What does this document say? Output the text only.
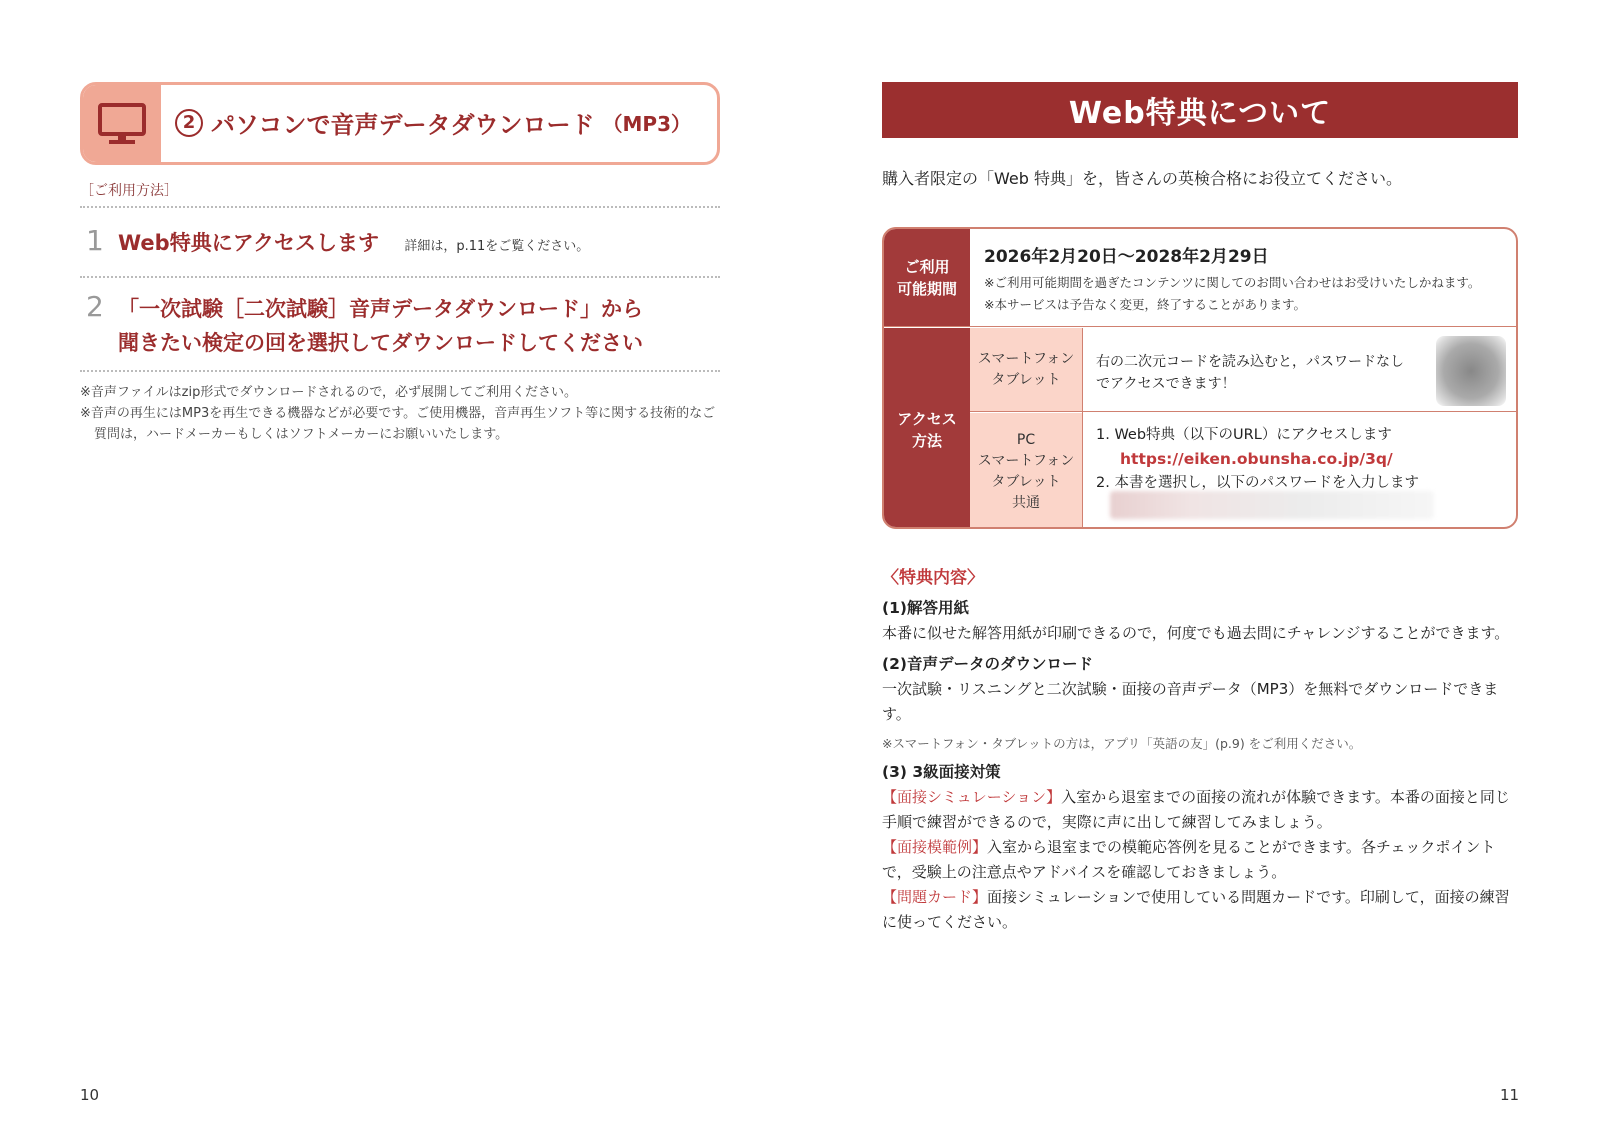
2 パソコンで音声データダウンロード （MP3）
［ご利用方法］
1 Web特典にアクセスします 詳細は，p.11をご覧ください。
2 「一次試験［二次試験］音声データダウンロード」から
聞きたい検定の回を選択してダウンロードしてください
※音声ファイルはzip形式でダウンロードされるので，必ず展開してご利用ください。
※音声の再生にはMP3を再生できる機器などが必要です。ご使用機器，音声再生ソフト等に関する技術的なご質問は，ハードメーカーもしくはソフトメーカーにお願いいたします。
10
Web特典について
購入者限定の「Web 特典」を，皆さんの英検合格にお役立てください。
ご利用
可能期間
2026年2月20日〜2028年2月29日
※ご利用可能期間を過ぎたコンテンツに関してのお問い合わせはお受けいたしかねます。
※本サービスは予告なく変更，終了することがあります。
アクセス
方法
スマートフォン
タブレット
右の二次元コードを読み込むと，パスワードなしでアクセスできます！
PC
スマートフォン
タブレット
共通
1. Web特典（以下のURL）にアクセスします
https://eiken.obunsha.co.jp/3q/
2. 本書を選択し，以下のパスワードを入力します
〈特典内容〉
(1)解答用紙
本番に似せた解答用紙が印刷できるので，何度でも過去問にチャレンジすることができます。
(2)音声データのダウンロード
一次試験・リスニングと二次試験・面接の音声データ（MP3）を無料でダウンロードできます。
※スマートフォン・タブレットの方は，アプリ「英語の友」(p.9) をご利用ください。
(3) 3級面接対策
【面接シミュレーション】入室から退室までの面接の流れが体験できます。本番の面接と同じ手順で練習ができるので，実際に声に出して練習してみましょう。
【面接模範例】入室から退室までの模範応答例を見ることができます。各チェックポイントで，受験上の注意点やアドバイスを確認しておきましょう。
【問題カード】面接シミュレーションで使用している問題カードです。印刷して，面接の練習に使ってください。
11
